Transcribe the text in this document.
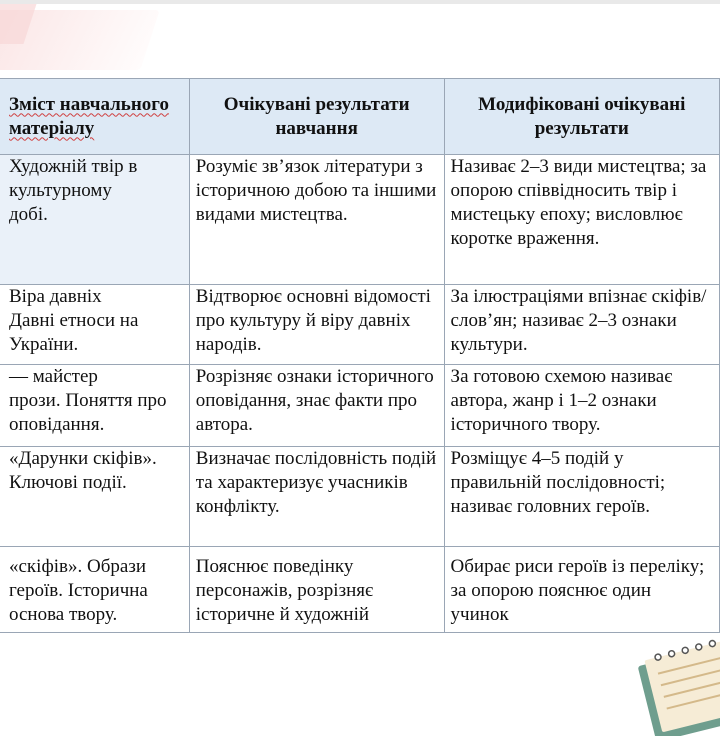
Зміст навчального матеріалу	Очікувані результати навчання	Модифіковані очікувані результати

Художній твір в
культурному
добі.	Розуміє зв’язок літератури з історичною добою та іншими видами мистецтва.	Називає 2–3 види мистецтва; за опорою співвідносить твір і мистецьку епоху; висловлює коротке враження.

Віра давніх
Давні етноси на
України.	Відтворює основні відомості про культуру й віру давніх народів.	За ілюстраціями впізнає скіфів/слов’ян; називає 2–3 ознаки культури.

— майстер
прози. Поняття про
оповідання.	Розрізняє ознаки історичного оповідання, знає факти про автора.	За готовою схемою називає автора, жанр і 1–2 ознаки історичного твору.

«Дарунки скіфів».
Ключові події.	Визначає послідовність подій та характеризує учасників конфлікту.	Розміщує 4–5 подій у правильній послідовності; називає головних героїв.

«скіфів». Образи
героїв. Історична
основа твору.	Пояснює поведінку персонажів, розрізняє історичне й художній	Обирає риси героїв із переліку; за опорою пояснює один учинок
